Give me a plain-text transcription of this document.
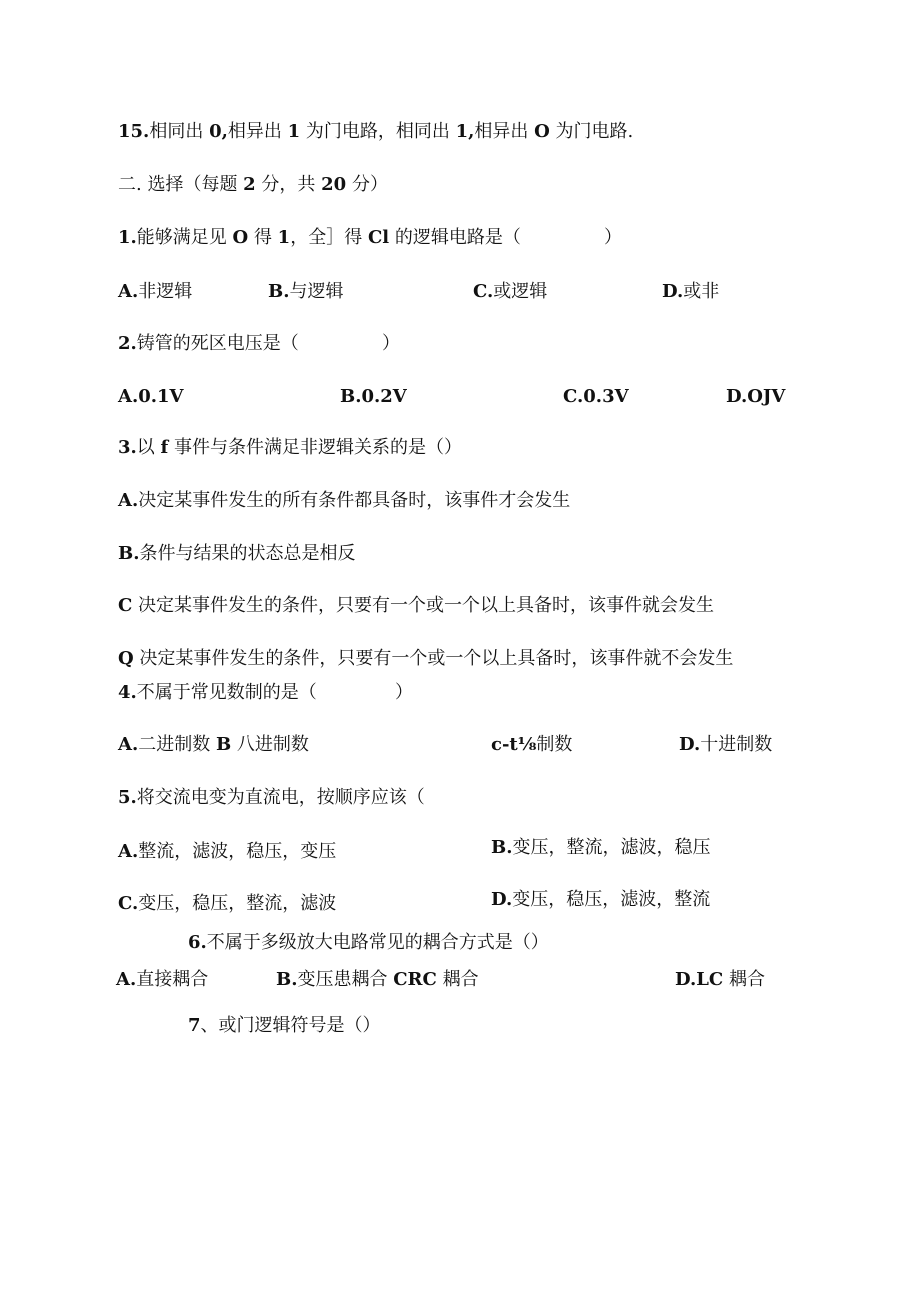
15.相同出 0,相异出 1 为门电路，相同出 1,相异出 O 为门电路.
二. 选择（每题 2 分，共 20 分）
1.能够满足见 O 得 1，全］得 Cl 的逻辑电路是（	）
A.非逻辑	B.与逻辑	C.或逻辑	D.或非
2.铸管的死区电压是（	）
A.0.1V	B.0.2V	C.0.3V	D.OJV
3.以 f 事件与条件满足非逻辑关系的是（）
A.决定某事件发生的所有条件都具备时，该事件才会发生
B.条件与结果的状态总是相反
C 决定某事件发生的条件，只要有一个或一个以上具备时，该事件就会发生
Q 决定某事件发生的条件，只要有一个或一个以上具备时，该事件就不会发生
4.不属于常见数制的是（	）
A.二进制数 B 八进制数	c-t⅛制数	D.十进制数
5.将交流电变为直流电，按顺序应该（
A.整流，滤波，稳压，变压	B.变压，整流，滤波，稳压
C.变压，稳压，整流，滤波	D.变压，稳压，滤波，整流
6.不属于多级放大电路常见的耦合方式是（）
A.直接耦合	B.变压患耦合 CRC 耦合	D.LC 耦合
7、或门逻辑符号是（）
